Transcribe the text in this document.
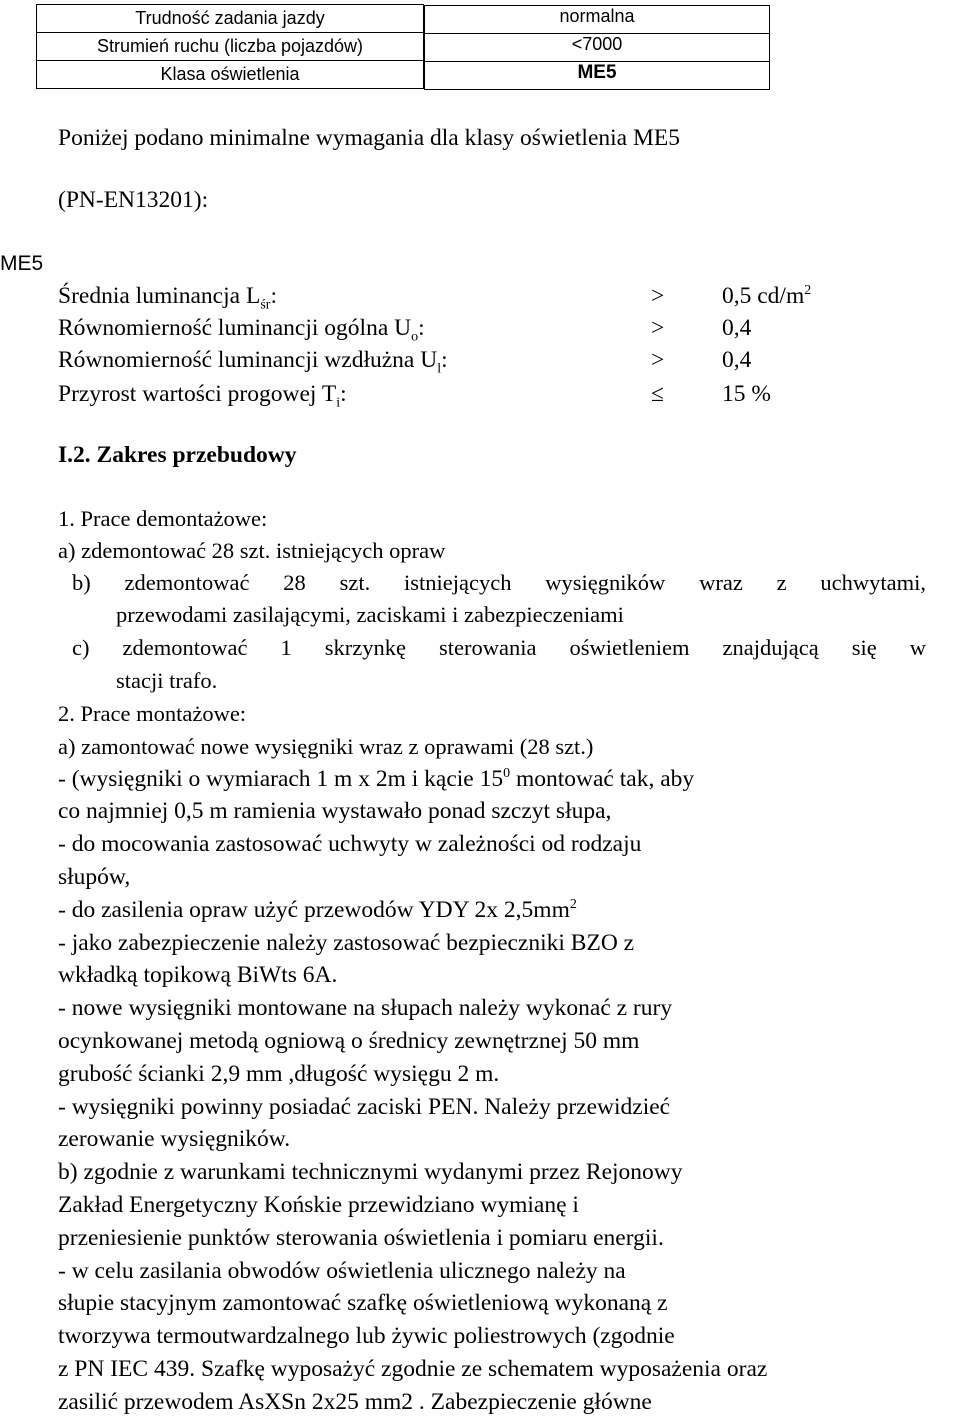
Trudność zadania jazdy		normalna

Strumień ruchu (liczba pojazdów)		<7000

Klasa oświetlenia		ME5
Poniżej podano minimalne wymagania dla klasy oświetlenia ME5
(PN-EN13201):
ME5
Średnia luminancja $L_{śr}$:	> 0,5 $cd/m^2$
Równomierność luminancji ogólna $U_o$:	> 0,4
Równomierność luminancji wzdłużna $U_l$:	> 0,4
Przyrost wartości progowej $T_i$:	≤ 15 %
I.2. Zakres przebudowy
1. Prace demontażowe:
a) zdemontować 28 szt. istniejących opraw
b) zdemontować 28 szt. istniejących wysięgników wraz z uchwytami,
przewodami zasilającymi, zaciskami i zabezpieczeniami
c) zdemontować 1 skrzynkę sterowania oświetleniem znajdującą się w
stacji trafo.
2. Prace montażowe:
a) zamontować nowe wysięgniki wraz z oprawami (28 szt.)
- (wysięgniki o wymiarach 1 m x 2m i kącie $15^0$ montować tak, aby
co najmniej 0,5 m ramienia wystawało ponad szczyt słupa,
- do mocowania zastosować uchwyty w zależności od rodzaju
słupów,
- do zasilenia opraw użyć przewodów YDY 2x $2,5mm^2$
- jako zabezpieczenie należy zastosować bezpieczniki BZO z
wkładką topikową BiWts 6A.
- nowe wysięgniki montowane na słupach należy wykonać z rury
ocynkowanej metodą ogniową o średnicy zewnętrznej 50 mm
grubość ścianki 2,9 mm ,długość wysięgu 2 m.
- wysięgniki powinny posiadać zaciski PEN. Należy przewidzieć
zerowanie wysięgników.
b) zgodnie z warunkami technicznymi wydanymi przez Rejonowy
Zakład Energetyczny Końskie przewidziano wymianę i
przeniesienie punktów sterowania oświetlenia i pomiaru energii.
- w celu zasilania obwodów oświetlenia ulicznego należy na
słupie stacyjnym zamontować szafkę oświetleniową wykonaną z
tworzywa termoutwardzalnego lub żywic poliestrowych (zgodnie
z PN IEC 439. Szafkę wyposażyć zgodnie ze schematem wyposażenia oraz
zasilić przewodem AsXSn 2x25 mm2 . Zabezpieczenie główne
